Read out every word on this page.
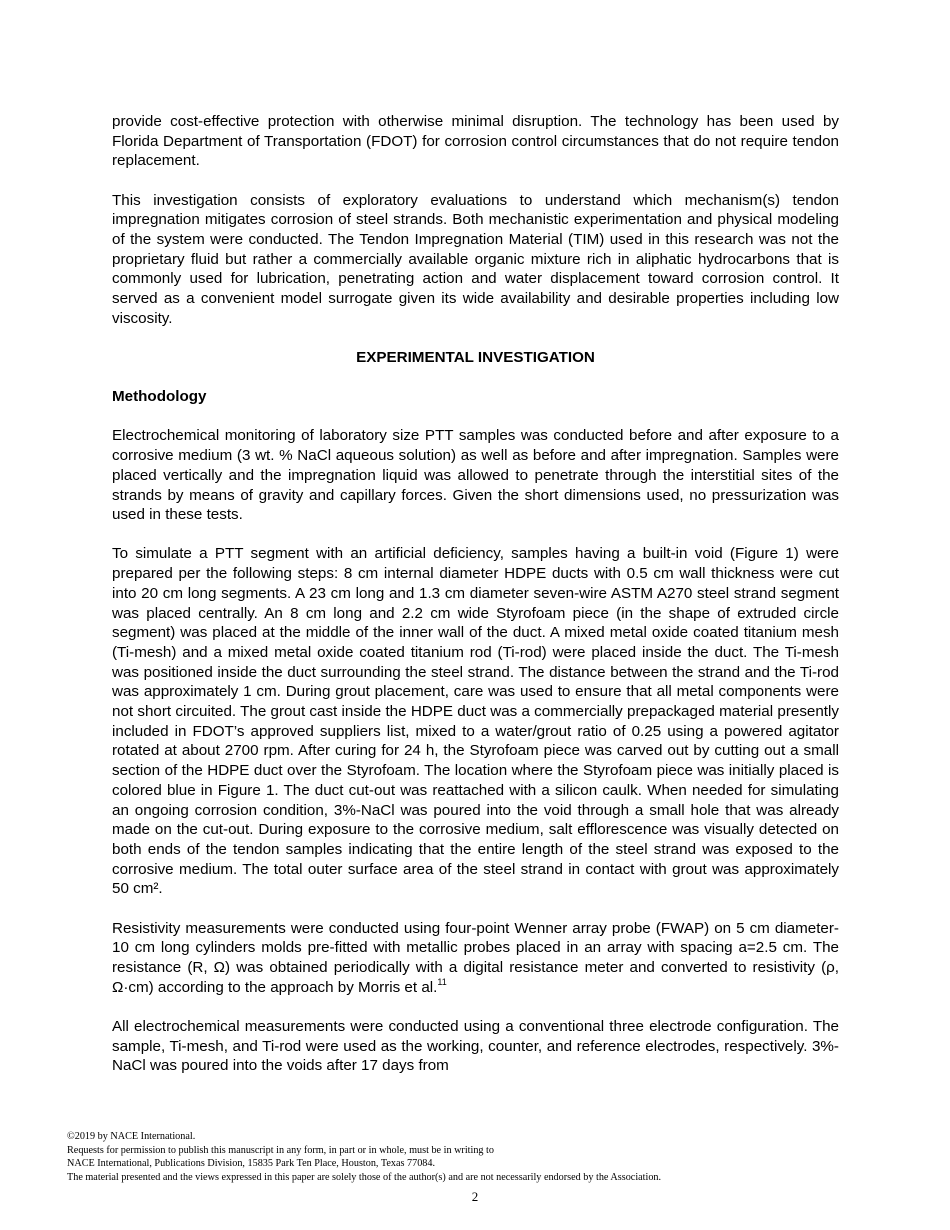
provide cost-effective protection with otherwise minimal disruption. The technology has been used by Florida Department of Transportation (FDOT) for corrosion control circumstances that do not require tendon replacement.

This investigation consists of exploratory evaluations to understand which mechanism(s) tendon impregnation mitigates corrosion of steel strands. Both mechanistic experimentation and physical modeling of the system were conducted. The Tendon Impregnation Material (TIM) used in this research was not the proprietary fluid but rather a commercially available organic mixture rich in aliphatic hydrocarbons that is commonly used for lubrication, penetrating action and water displacement toward corrosion control. It served as a convenient model surrogate given its wide availability and desirable properties including low viscosity.

EXPERIMENTAL INVESTIGATION
Methodology

Electrochemical monitoring of laboratory size PTT samples was conducted before and after exposure to a corrosive medium (3 wt. % NaCl aqueous solution) as well as before and after impregnation. Samples were placed vertically and the impregnation liquid was allowed to penetrate through the interstitial sites of the strands by means of gravity and capillary forces. Given the short dimensions used, no pressurization was used in these tests.

To simulate a PTT segment with an artificial deficiency, samples having a built-in void (Figure 1) were prepared per the following steps: 8 cm internal diameter HDPE ducts with 0.5 cm wall thickness were cut into 20 cm long segments. A 23 cm long and 1.3 cm diameter seven-wire ASTM A270 steel strand segment was placed centrally. An 8 cm long and 2.2 cm wide Styrofoam piece (in the shape of extruded circle segment) was placed at the middle of the inner wall of the duct. A mixed metal oxide coated titanium mesh (Ti-mesh) and a mixed metal oxide coated titanium rod (Ti-rod) were placed inside the duct. The Ti-mesh was positioned inside the duct surrounding the steel strand. The distance between the strand and the Ti-rod was approximately 1 cm. During grout placement, care was used to ensure that all metal components were not short circuited. The grout cast inside the HDPE duct was a commercially prepackaged material presently included in FDOT’s approved suppliers list, mixed to a water/grout ratio of 0.25 using a powered agitator rotated at about 2700 rpm. After curing for 24 h, the Styrofoam piece was carved out by cutting out a small section of the HDPE duct over the Styrofoam. The location where the Styrofoam piece was initially placed is colored blue in Figure 1. The duct cut-out was reattached with a silicon caulk. When needed for simulating an ongoing corrosion condition, 3%-NaCl was poured into the void through a small hole that was already made on the cut-out. During exposure to the corrosive medium, salt efflorescence was visually detected on both ends of the tendon samples indicating that the entire length of the steel strand was exposed to the corrosive medium. The total outer surface area of the steel strand in contact with grout was approximately 50 cm².

Resistivity measurements were conducted using four-point Wenner array probe (FWAP) on 5 cm diameter- 10 cm long cylinders molds pre-fitted with metallic probes placed in an array with spacing a=2.5 cm. The resistance (R, Ω) was obtained periodically with a digital resistance meter and converted to resistivity (ρ, Ω·cm) according to the approach by Morris et al.$^{11}$

All electrochemical measurements were conducted using a conventional three electrode configuration. The sample, Ti-mesh, and Ti-rod were used as the working, counter, and reference electrodes, respectively. 3%-NaCl was poured into the voids after 17 days from

©2019 by NACE International.
Requests for permission to publish this manuscript in any form, in part or in whole, must be in writing to
NACE International, Publications Division, 15835 Park Ten Place, Houston, Texas 77084.
The material presented and the views expressed in this paper are solely those of the author(s) and are not necessarily endorsed by the Association.
2
